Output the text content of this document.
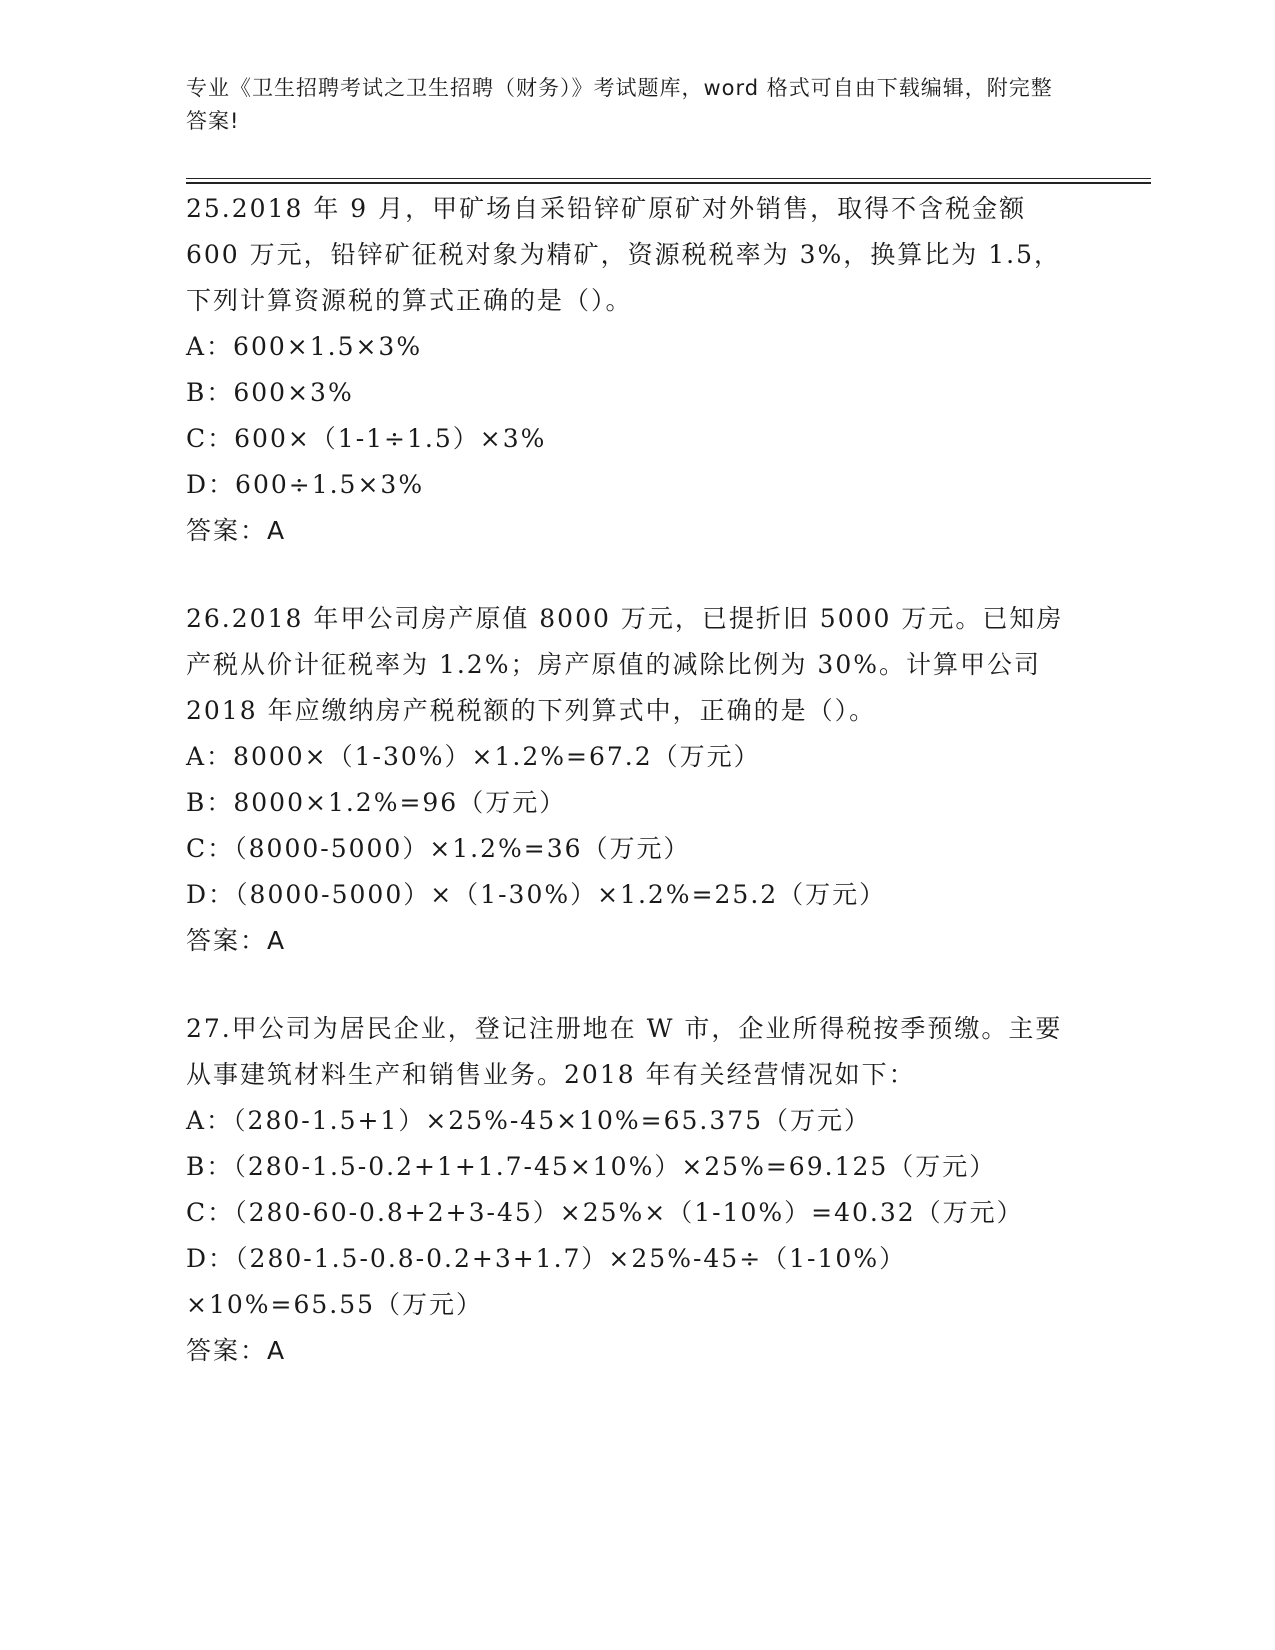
专业《卫生招聘考试之卫生招聘（财务）》考试题库，word 格式可自由下载编辑，附完整答案!

25.2018 年 9 月，甲矿场自采铅锌矿原矿对外销售，取得不含税金额 600 万元，铅锌矿征税对象为精矿，资源税税率为 3%，换算比为 1.5，下列计算资源税的算式正确的是（）。

A：600×1.5×3%

B：600×3%

C：600×（1-1÷1.5）×3%

D：600÷1.5×3%

答案：A

26.2018 年甲公司房产原值 8000 万元，已提折旧 5000 万元。已知房产税从价计征税率为 1.2%；房产原值的减除比例为 30%。计算甲公司 2018 年应缴纳房产税税额的下列算式中，正确的是（）。

A：8000×（1-30%）×1.2%=67.2（万元）

B：8000×1.2%=96（万元）

C：（8000-5000）×1.2%=36（万元）

D：（8000-5000）×（1-30%）×1.2%=25.2（万元）

答案：A

27.甲公司为居民企业，登记注册地在 W 市，企业所得税按季预缴。主要从事建筑材料生产和销售业务。2018 年有关经营情况如下：

A：（280-1.5+1）×25%-45×10%=65.375（万元）

B：（280-1.5-0.2+1+1.7-45×10%）×25%=69.125（万元）

C：（280-60-0.8+2+3-45）×25%×（1-10%）=40.32（万元）

D：（280-1.5-0.8-0.2+3+1.7）×25%-45÷（1-10%）×10%=65.55（万元）

答案：A
